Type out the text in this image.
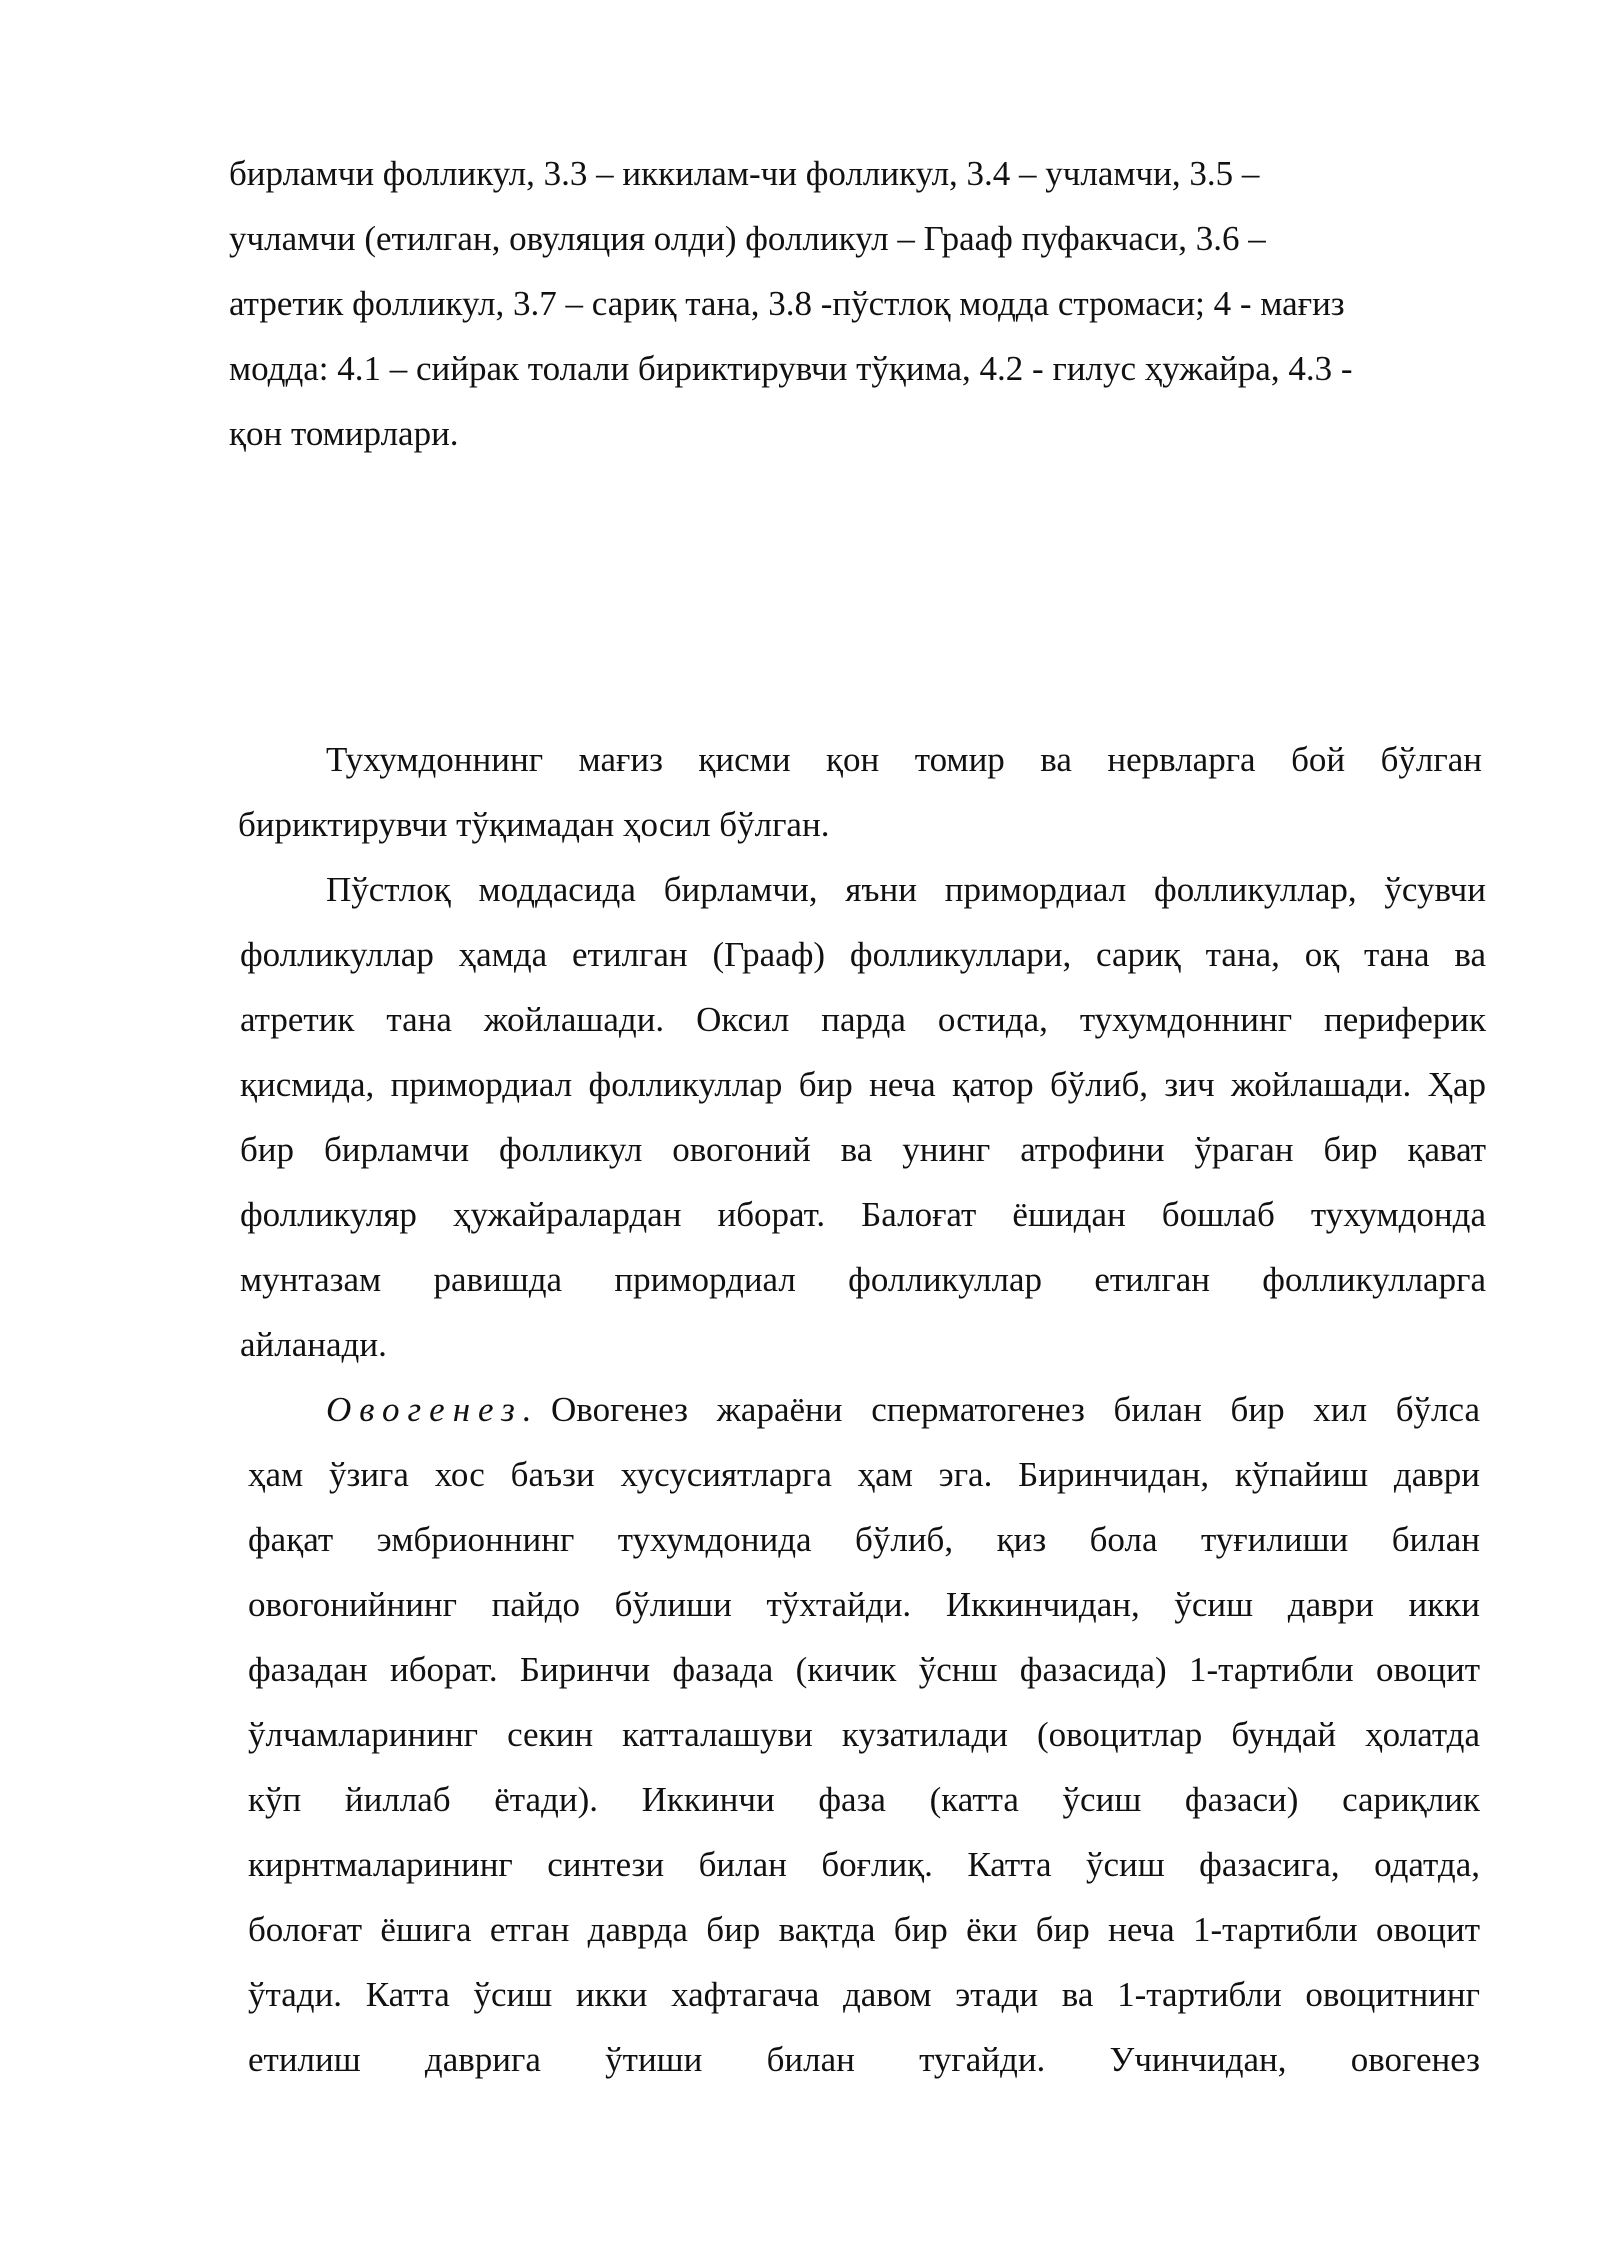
бирламчи фолликул, 3.3 – иккилам-чи фолликул, 3.4 – учламчи, 3.5 –
учламчи (етилган, овуляция олди) фолликул – Грааф пуфакчаси, 3.6 –
атретик фолликул, 3.7 – сариқ тана, 3.8 -пўстлоқ модда стромаси; 4 - мағиз
модда: 4.1 – сийрак толали бириктирувчи тўқима, 4.2 - гилус ҳужайра, 4.3 -
қон томирлари.
Тухумдоннинг мағиз қисми қон томир ва нервларга бой бўлган
бириктирувчи тўқимадан ҳосил бўлган.
Пўстлоқ моддасида бирламчи, яъни примордиал фолликуллар, ўсувчи
фолликуллар ҳамда етилган (Грааф) фолликуллари, сариқ тана, оқ тана ва
атретик тана жойлашади. Оксил парда остида, тухумдоннинг периферик
қисмида, примордиал фолликуллар бир неча қатор бўлиб, зич жойлашади. Ҳар
бир бирламчи фолликул овогоний ва унинг атрофини ўраган бир қават
фолликуляр ҳужайралардан иборат. Балоғат ёшидан бошлаб тухумдонда
мунтазам равишда примордиал фолликуллар етилган фолликулларга
айланади.
Овогенез. Овогенез жараёни сперматогенез билан бир хил бўлса
ҳам ўзига хос баъзи хусусиятларга ҳам эга. Биринчидан, кўпайиш даври
фақат эмбрионнинг тухумдонида бўлиб, қиз бола туғилиши билан
овогонийнинг пайдо бўлиши тўхтайди. Иккинчидан, ўсиш даври икки
фазадан иборат. Биринчи фазада (кичик ўснш фазасида) 1-тартибли овоцит
ўлчамларининг секин катталашуви кузатилади (овоцитлар бундай ҳолатда
кўп йиллаб ётади). Иккинчи фаза (катта ўсиш фазаси) сариқлик
кирнтмаларининг синтези билан боғлиқ. Катта ўсиш фазасига, одатда,
болоғат ёшига етган даврда бир вақтда бир ёки бир неча 1-тартибли овоцит
ўтади. Катта ўсиш икки хафтагача давом этади ва 1-тартибли овоцитнинг
етилиш даврига ўтиши билан тугайди. Учинчидан, овогенез
